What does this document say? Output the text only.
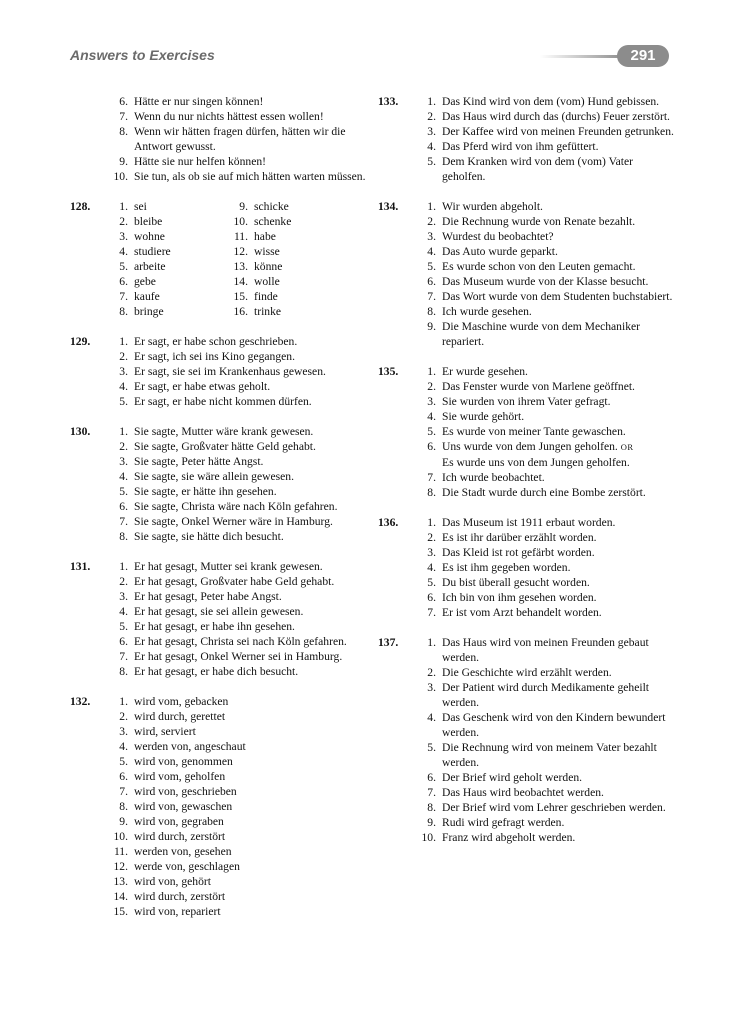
Answers to Exercises	291
6. Hätte er nur singen können!
7. Wenn du nur nichts hättest essen wollen!
8. Wenn wir hätten fragen dürfen, hätten wir die Antwort gewusst.
9. Hätte sie nur helfen können!
10. Sie tun, als ob sie auf mich hätten warten müssen.
128.	1. sei
2. bleibe
3. wohne
4. studiere
5. arbeite
6. gebe
7. kaufe
8. bringe
9. schicke
10. schenke
11. habe
12. wisse
13. könne
14. wolle
15. finde
16. trinke
129.	1. Er sagt, er habe schon geschrieben.
2. Er sagt, ich sei ins Kino gegangen.
3. Er sagt, sie sei im Krankenhaus gewesen.
4. Er sagt, er habe etwas geholt.
5. Er sagt, er habe nicht kommen dürfen.
130.	1. Sie sagte, Mutter wäre krank gewesen.
2. Sie sagte, Großvater hätte Geld gehabt.
3. Sie sagte, Peter hätte Angst.
4. Sie sagte, sie wäre allein gewesen.
5. Sie sagte, er hätte ihn gesehen.
6. Sie sagte, Christa wäre nach Köln gefahren.
7. Sie sagte, Onkel Werner wäre in Hamburg.
8. Sie sagte, sie hätte dich besucht.
131.	1. Er hat gesagt, Mutter sei krank gewesen.
2. Er hat gesagt, Großvater habe Geld gehabt.
3. Er hat gesagt, Peter habe Angst.
4. Er hat gesagt, sie sei allein gewesen.
5. Er hat gesagt, er habe ihn gesehen.
6. Er hat gesagt, Christa sei nach Köln gefahren.
7. Er hat gesagt, Onkel Werner sei in Hamburg.
8. Er hat gesagt, er habe dich besucht.
132.	1. wird vom, gebacken
2. wird durch, gerettet
3. wird, serviert
4. werden von, angeschaut
5. wird von, genommen
6. wird vom, geholfen
7. wird von, geschrieben
8. wird von, gewaschen
9. wird von, gegraben
10. wird durch, zerstört
11. werden von, gesehen
12. werde von, geschlagen
13. wird von, gehört
14. wird durch, zerstört
15. wird von, repariert
133.	1. Das Kind wird von dem (vom) Hund gebissen.
2. Das Haus wird durch das (durchs) Feuer zerstört.
3. Der Kaffee wird von meinen Freunden getrunken.
4. Das Pferd wird von ihm gefüttert.
5. Dem Kranken wird von dem (vom) Vater geholfen.
134.	1. Wir wurden abgeholt.
2. Die Rechnung wurde von Renate bezahlt.
3. Wurdest du beobachtet?
4. Das Auto wurde geparkt.
5. Es wurde schon von den Leuten gemacht.
6. Das Museum wurde von der Klasse besucht.
7. Das Wort wurde von dem Studenten buchstabiert.
8. Ich wurde gesehen.
9. Die Maschine wurde von dem Mechaniker repariert.
135.	1. Er wurde gesehen.
2. Das Fenster wurde von Marlene geöffnet.
3. Sie wurden von ihrem Vater gefragt.
4. Sie wurde gehört.
5. Es wurde von meiner Tante gewaschen.
6. Uns wurde von dem Jungen geholfen. OR
Es wurde uns von dem Jungen geholfen.
7. Ich wurde beobachtet.
8. Die Stadt wurde durch eine Bombe zerstört.
136.	1. Das Museum ist 1911 erbaut worden.
2. Es ist ihr darüber erzählt worden.
3. Das Kleid ist rot gefärbt worden.
4. Es ist ihm gegeben worden.
5. Du bist überall gesucht worden.
6. Ich bin von ihm gesehen worden.
7. Er ist vom Arzt behandelt worden.
137.	1. Das Haus wird von meinen Freunden gebaut werden.
2. Die Geschichte wird erzählt werden.
3. Der Patient wird durch Medikamente geheilt werden.
4. Das Geschenk wird von den Kindern bewundert werden.
5. Die Rechnung wird von meinem Vater bezahlt werden.
6. Der Brief wird geholt werden.
7. Das Haus wird beobachtet werden.
8. Der Brief wird vom Lehrer geschrieben werden.
9. Rudi wird gefragt werden.
10. Franz wird abgeholt werden.
